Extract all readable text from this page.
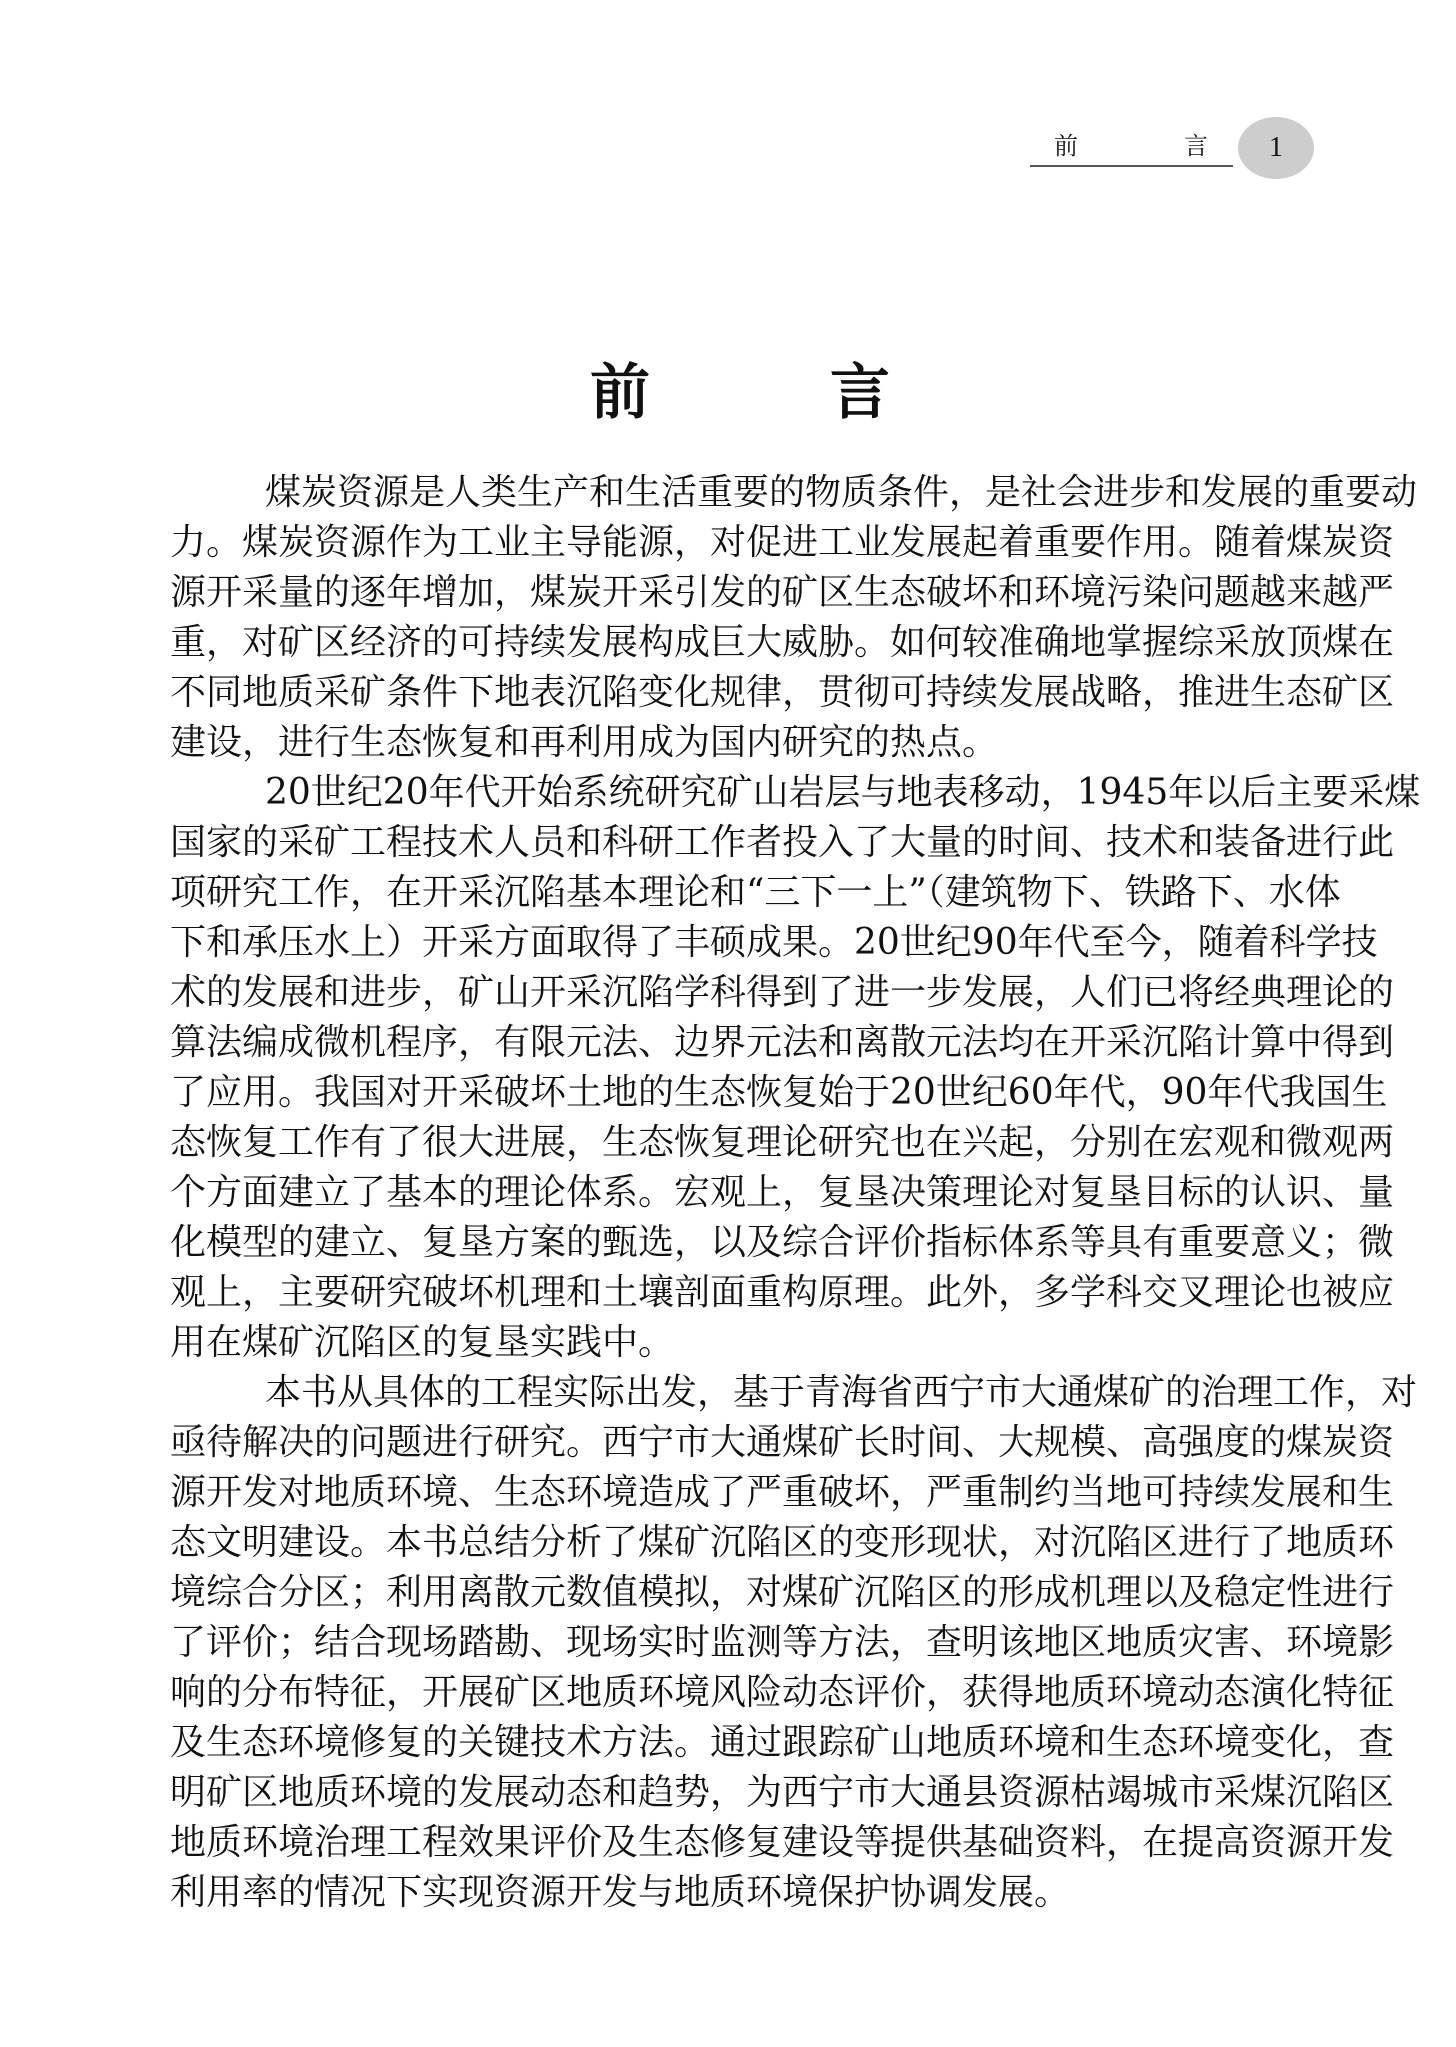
前	言 1
前	言
煤炭资源是人类生产和生活重要的物质条件，是社会进步和发展的重要动
力。煤炭资源作为工业主导能源，对促进工业发展起着重要作用。随着煤炭资
源开采量的逐年增加，煤炭开采引发的矿区生态破坏和环境污染问题越来越严
重，对矿区经济的可持续发展构成巨大威胁。如何较准确地掌握综采放顶煤在
不同地质采矿条件下地表沉陷变化规律，贯彻可持续发展战略，推进生态矿区
建设，进行生态恢复和再利用成为国内研究的热点。
20世纪20年代开始系统研究矿山岩层与地表移动，1945年以后主要采煤
国家的采矿工程技术人员和科研工作者投入了大量的时间、技术和装备进行此
项研究工作，在开采沉陷基本理论和“三下一上”（建筑物下、铁路下、水体
下和承压水上）开采方面取得了丰硕成果。20世纪90年代至今，随着科学技
术的发展和进步，矿山开采沉陷学科得到了进一步发展，人们已将经典理论的
算法编成微机程序，有限元法、边界元法和离散元法均在开采沉陷计算中得到
了应用。我国对开采破坏土地的生态恢复始于20世纪60年代，90年代我国生
态恢复工作有了很大进展，生态恢复理论研究也在兴起，分别在宏观和微观两
个方面建立了基本的理论体系。宏观上，复垦决策理论对复垦目标的认识、量
化模型的建立、复垦方案的甄选，以及综合评价指标体系等具有重要意义；微
观上，主要研究破坏机理和土壤剖面重构原理。此外，多学科交叉理论也被应
用在煤矿沉陷区的复垦实践中。
本书从具体的工程实际出发，基于青海省西宁市大通煤矿的治理工作，对
亟待解决的问题进行研究。西宁市大通煤矿长时间、大规模、高强度的煤炭资
源开发对地质环境、生态环境造成了严重破坏，严重制约当地可持续发展和生
态文明建设。本书总结分析了煤矿沉陷区的变形现状，对沉陷区进行了地质环
境综合分区；利用离散元数值模拟，对煤矿沉陷区的形成机理以及稳定性进行
了评价；结合现场踏勘、现场实时监测等方法，查明该地区地质灾害、环境影
响的分布特征，开展矿区地质环境风险动态评价，获得地质环境动态演化特征
及生态环境修复的关键技术方法。通过跟踪矿山地质环境和生态环境变化，查
明矿区地质环境的发展动态和趋势，为西宁市大通县资源枯竭城市采煤沉陷区
地质环境治理工程效果评价及生态修复建设等提供基础资料，在提高资源开发
利用率的情况下实现资源开发与地质环境保护协调发展。
